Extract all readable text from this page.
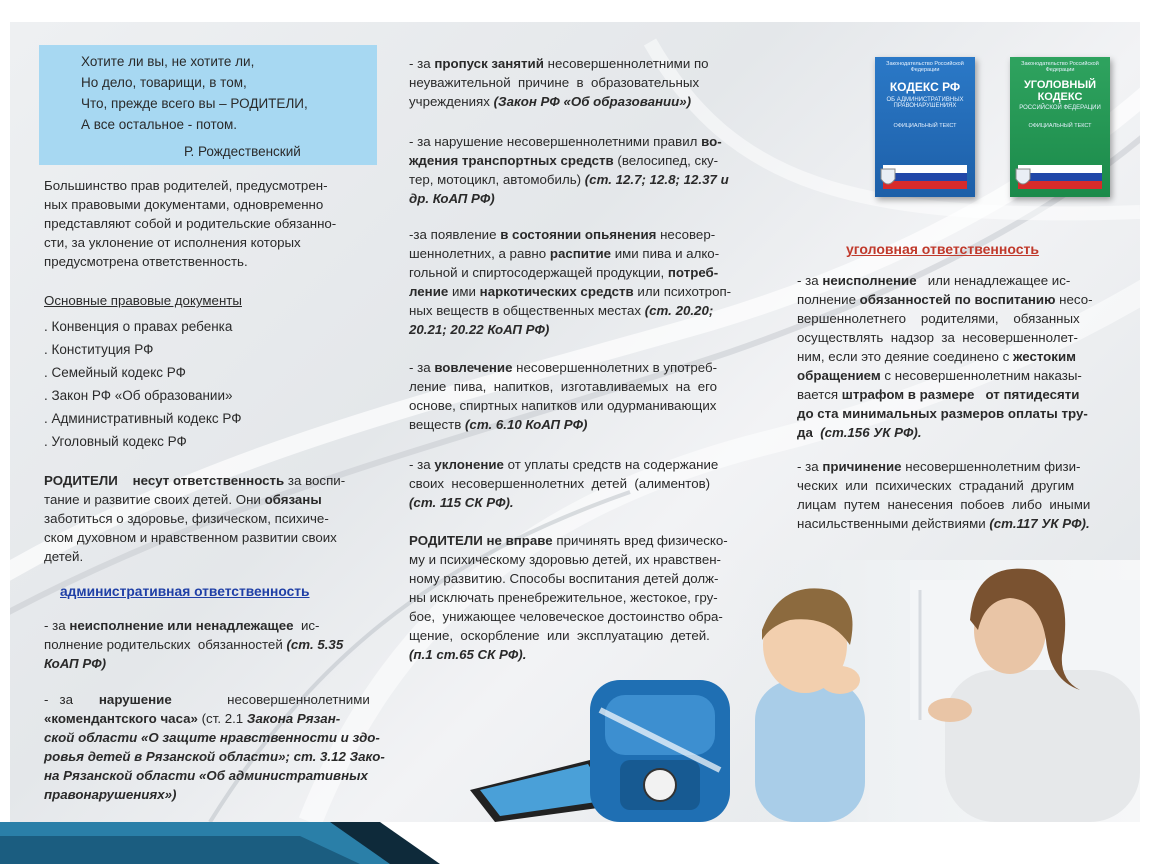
Хотите ли вы, не хотите ли,
Но дело, товарищи, в том,
Что, прежде всего вы – РОДИТЕЛИ,
А все остальное - потом.
Р. Рождественский
Большинство прав родителей, предусмотрен-
ных правовыми документами, одновременно
представляют собой и родительские обязанно-
сти, за уклонение от исполнения которых
предусмотрена ответственность.
Основные правовые документы
. Конвенция о правах ребенка
. Конституция РФ
. Семейный кодекс РФ
. Закон РФ «Об образовании»
. Административный кодекс РФ
. Уголовный кодекс РФ
РОДИТЕЛИ несут ответственность за воспи-
тание и развитие своих детей. Они обязаны
заботиться о здоровье, физическом, психиче-
ском духовном и нравственном развитии своих
детей.
административная ответственность
- за неисполнение или ненадлежащее  ис-
полнение родительских  обязанностей (ст. 5.35
КоАП РФ)
-   за нарушение	несовершеннолетними
«комендантского часа» (ст. 2.1 Закона Рязан-
ской области «О защите нравственности и здо-
ровья детей в Рязанской области»; ст. 3.12 Зако-
на Рязанской области «Об административных
правонарушениях»)
- за пропуск занятий несовершеннолетними по
неуважительной  причине  в  образовательных
учреждениях (Закон РФ «Об образовании»)
- за нарушение несовершеннолетними правил во-
ждения транспортных средств (велосипед, скy-
тер, мотоцикл, автомобиль) (ст. 12.7; 12.8; 12.37 и
др. КоАП РФ)
-за появление в состоянии опьянения несовер-
шеннолетних, а равно распитие ими пива и алко-
гольной и спиртосодержащей продукции, потреб-
ление ими наркотических средств или психотроп-
ных веществ в общественных местах (ст. 20.20;
20.21; 20.22 КоАП РФ)
- за вовлечение несовершеннолетних в употреб-
ление  пива,  напитков,  изготавливаемых  на  его
основе, спиртных напитков или одурманивающих
веществ (ст. 6.10 КоАП РФ)
- за уклонение от уплаты средств на содержание
своих  несовершеннолетних  детей  (алиментов)
(ст. 115 СК РФ).
РОДИТЕЛИ не вправе причинять вред физическо-
му и психическому здоровью детей, их нравствен-
ному развитию. Способы воспитания детей долж-
ны исключать пренебрежительное, жестокое, гру-
бое,  унижающее человеческое достоинство обра-
щение,  оскорбление  или  эксплуатацию  детей.
(п.1 ст.65 СК РФ).
Законодательство Российской Федерации
КОДЕКС РФ
ОБ АДМИНИСТРАТИВНЫХ ПРАВОНАРУШЕНИЯХ
ОФИЦИАЛЬНЫЙ ТЕКСТ
Законодательство Российской Федерации
УГОЛОВНЫЙ КОДЕКС
РОССИЙСКОЙ ФЕДЕРАЦИИ
ОФИЦИАЛЬНЫЙ ТЕКСТ
уголовная ответственность
- за неисполнение   или ненадлежащее ис-
полнение обязанностей по воспитанию несо-
вершеннолетнего    родителями,    обязанных
осуществлять  надзор  за  несовершеннолет-
ним, если это деяние соединено с жестоким
обращением с несовершеннолетним наказы-
вается штрафом в размере   от пятидесяти
до ста минимальных размеров оплаты тру-
да  (ст.156 УК РФ).
- за причинение несовершеннолетним физи-
ческих  или  психических  страданий  другим
лицам  путем  нанесения  побоев  либо  иными
насильственными действиями (ст.117 УК РФ).
